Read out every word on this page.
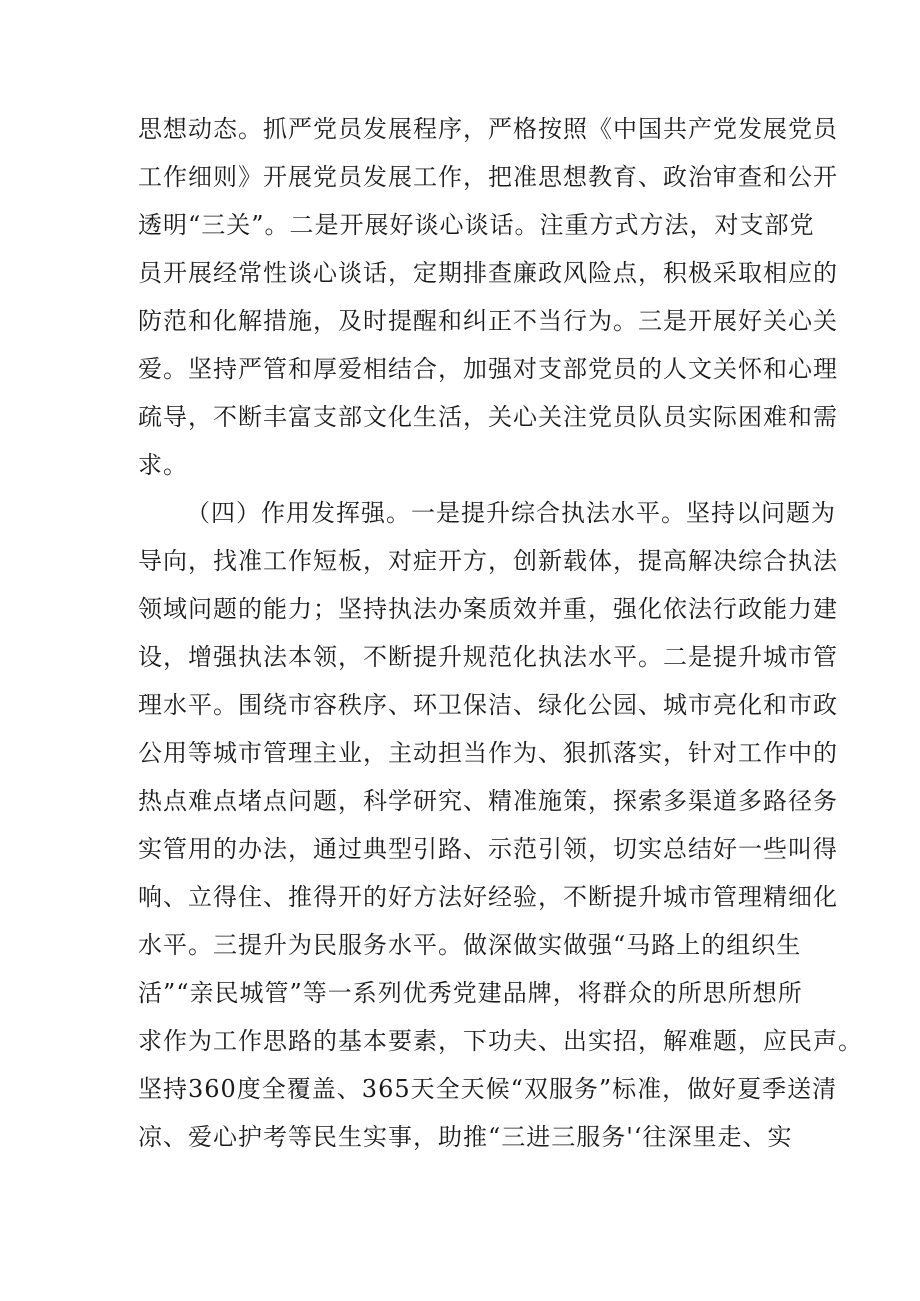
思想动态。抓严党员发展程序，严格按照《中国共产党发展党员
工作细则》开展党员发展工作，把准思想教育、政治审查和公开
透明“三关”。二是开展好谈心谈话。注重方式方法，对支部党
员开展经常性谈心谈话，定期排查廉政风险点，积极采取相应的
防范和化解措施，及时提醒和纠正不当行为。三是开展好关心关
爱。坚持严管和厚爱相结合，加强对支部党员的人文关怀和心理
疏导，不断丰富支部文化生活，关心关注党员队员实际困难和需
求。
（四）作用发挥强。一是提升综合执法水平。坚持以问题为
导向，找准工作短板，对症开方，创新载体，提高解决综合执法
领域问题的能力；坚持执法办案质效并重，强化依法行政能力建
设，增强执法本领，不断提升规范化执法水平。二是提升城市管
理水平。围绕市容秩序、环卫保洁、绿化公园、城市亮化和市政
公用等城市管理主业，主动担当作为、狠抓落实，针对工作中的
热点难点堵点问题，科学研究、精准施策，探索多渠道多路径务
实管用的办法，通过典型引路、示范引领，切实总结好一些叫得
响、立得住、推得开的好方法好经验，不断提升城市管理精细化
水平。三提升为民服务水平。做深做实做强“马路上的组织生
活”“亲民城管”等一系列优秀党建品牌，将群众的所思所想所
求作为工作思路的基本要素，下功夫、出实招，解难题，应民声。
坚持360度全覆盖、365天全天候“双服务”标准，做好夏季送清
凉、爱心护考等民生实事，助推“三进三服务'‘往深里走、实
